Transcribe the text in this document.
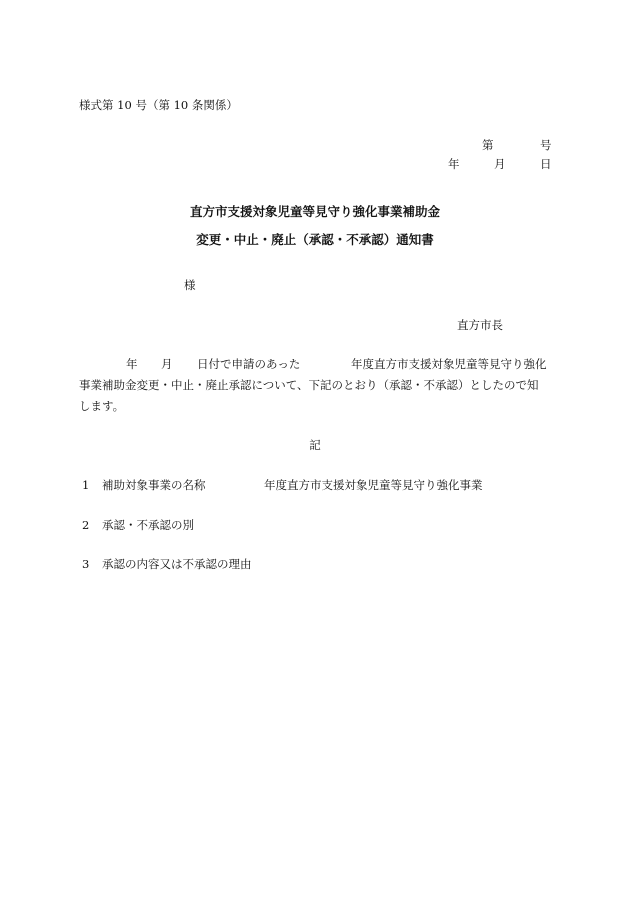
様式第 10 号（第 10 条関係）
第	号
年	月	日
直方市支援対象児童等見守り強化事業補助金
変更・中止・廃止（承認・不承認）通知書
様
直方市長
年 月 日付で申請のあった	年度直方市支援対象児童等見守り強化
事業補助金変更・中止・廃止承認について、下記のとおり（承認・不承認）としたので知
します。
記
1 補助対象事業の名称	年度直方市支援対象児童等見守り強化事業
2 承認・不承認の別
3 承認の内容又は不承認の理由
